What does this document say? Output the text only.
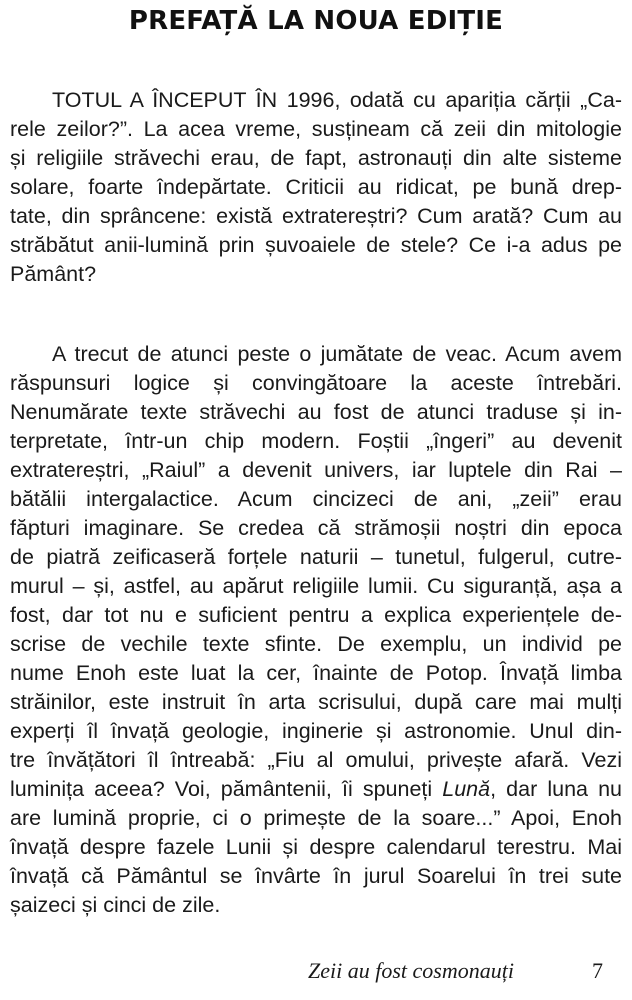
PREFAȚĂ LA NOUA EDIȚIE
TOTUL A ÎNCEPUT ÎN 1996, odată cu apariția cărții „Ca-
rele zeilor?”. La acea vreme, susțineam că zeii din mitologie
și religiile străvechi erau, de fapt, astronauți din alte sisteme
solare, foarte îndepărtate. Criticii au ridicat, pe bună drep-
tate, din sprâncene: există extratereștri? Cum arată? Cum au
străbătut anii-lumină prin șuvoaiele de stele? Ce i-a adus pe
Pământ?
A trecut de atunci peste o jumătate de veac. Acum avem
răspunsuri logice și convingătoare la aceste întrebări.
Nenumărate texte străvechi au fost de atunci traduse și in-
terpretate, într-un chip modern. Foștii „îngeri” au devenit
extratereștri, „Raiul” a devenit univers, iar luptele din Rai –
bătălii intergalactice. Acum cincizeci de ani, „zeii” erau
făpturi imaginare. Se credea că strămoșii noștri din epoca
de piatră zeificaseră forțele naturii – tunetul, fulgerul, cutre-
murul – și, astfel, au apărut religiile lumii. Cu siguranță, așa a
fost, dar tot nu e suficient pentru a explica experiențele de-
scrise de vechile texte sfinte. De exemplu, un individ pe
nume Enoh este luat la cer, înainte de Potop. Învață limba
străinilor, este instruit în arta scrisului, după care mai mulți
experți îl învață geologie, inginerie și astronomie. Unul din-
tre învățători îl întreabă: „Fiu al omului, privește afară. Vezi
luminița aceea? Voi, pământenii, îi spuneți Lună, dar luna nu
are lumină proprie, ci o primește de la soare...” Apoi, Enoh
învață despre fazele Lunii și despre calendarul terestru. Mai
învață că Pământul se învârte în jurul Soarelui în trei sute
șaizeci și cinci de zile.
Zeii au fost cosmonauți	7
